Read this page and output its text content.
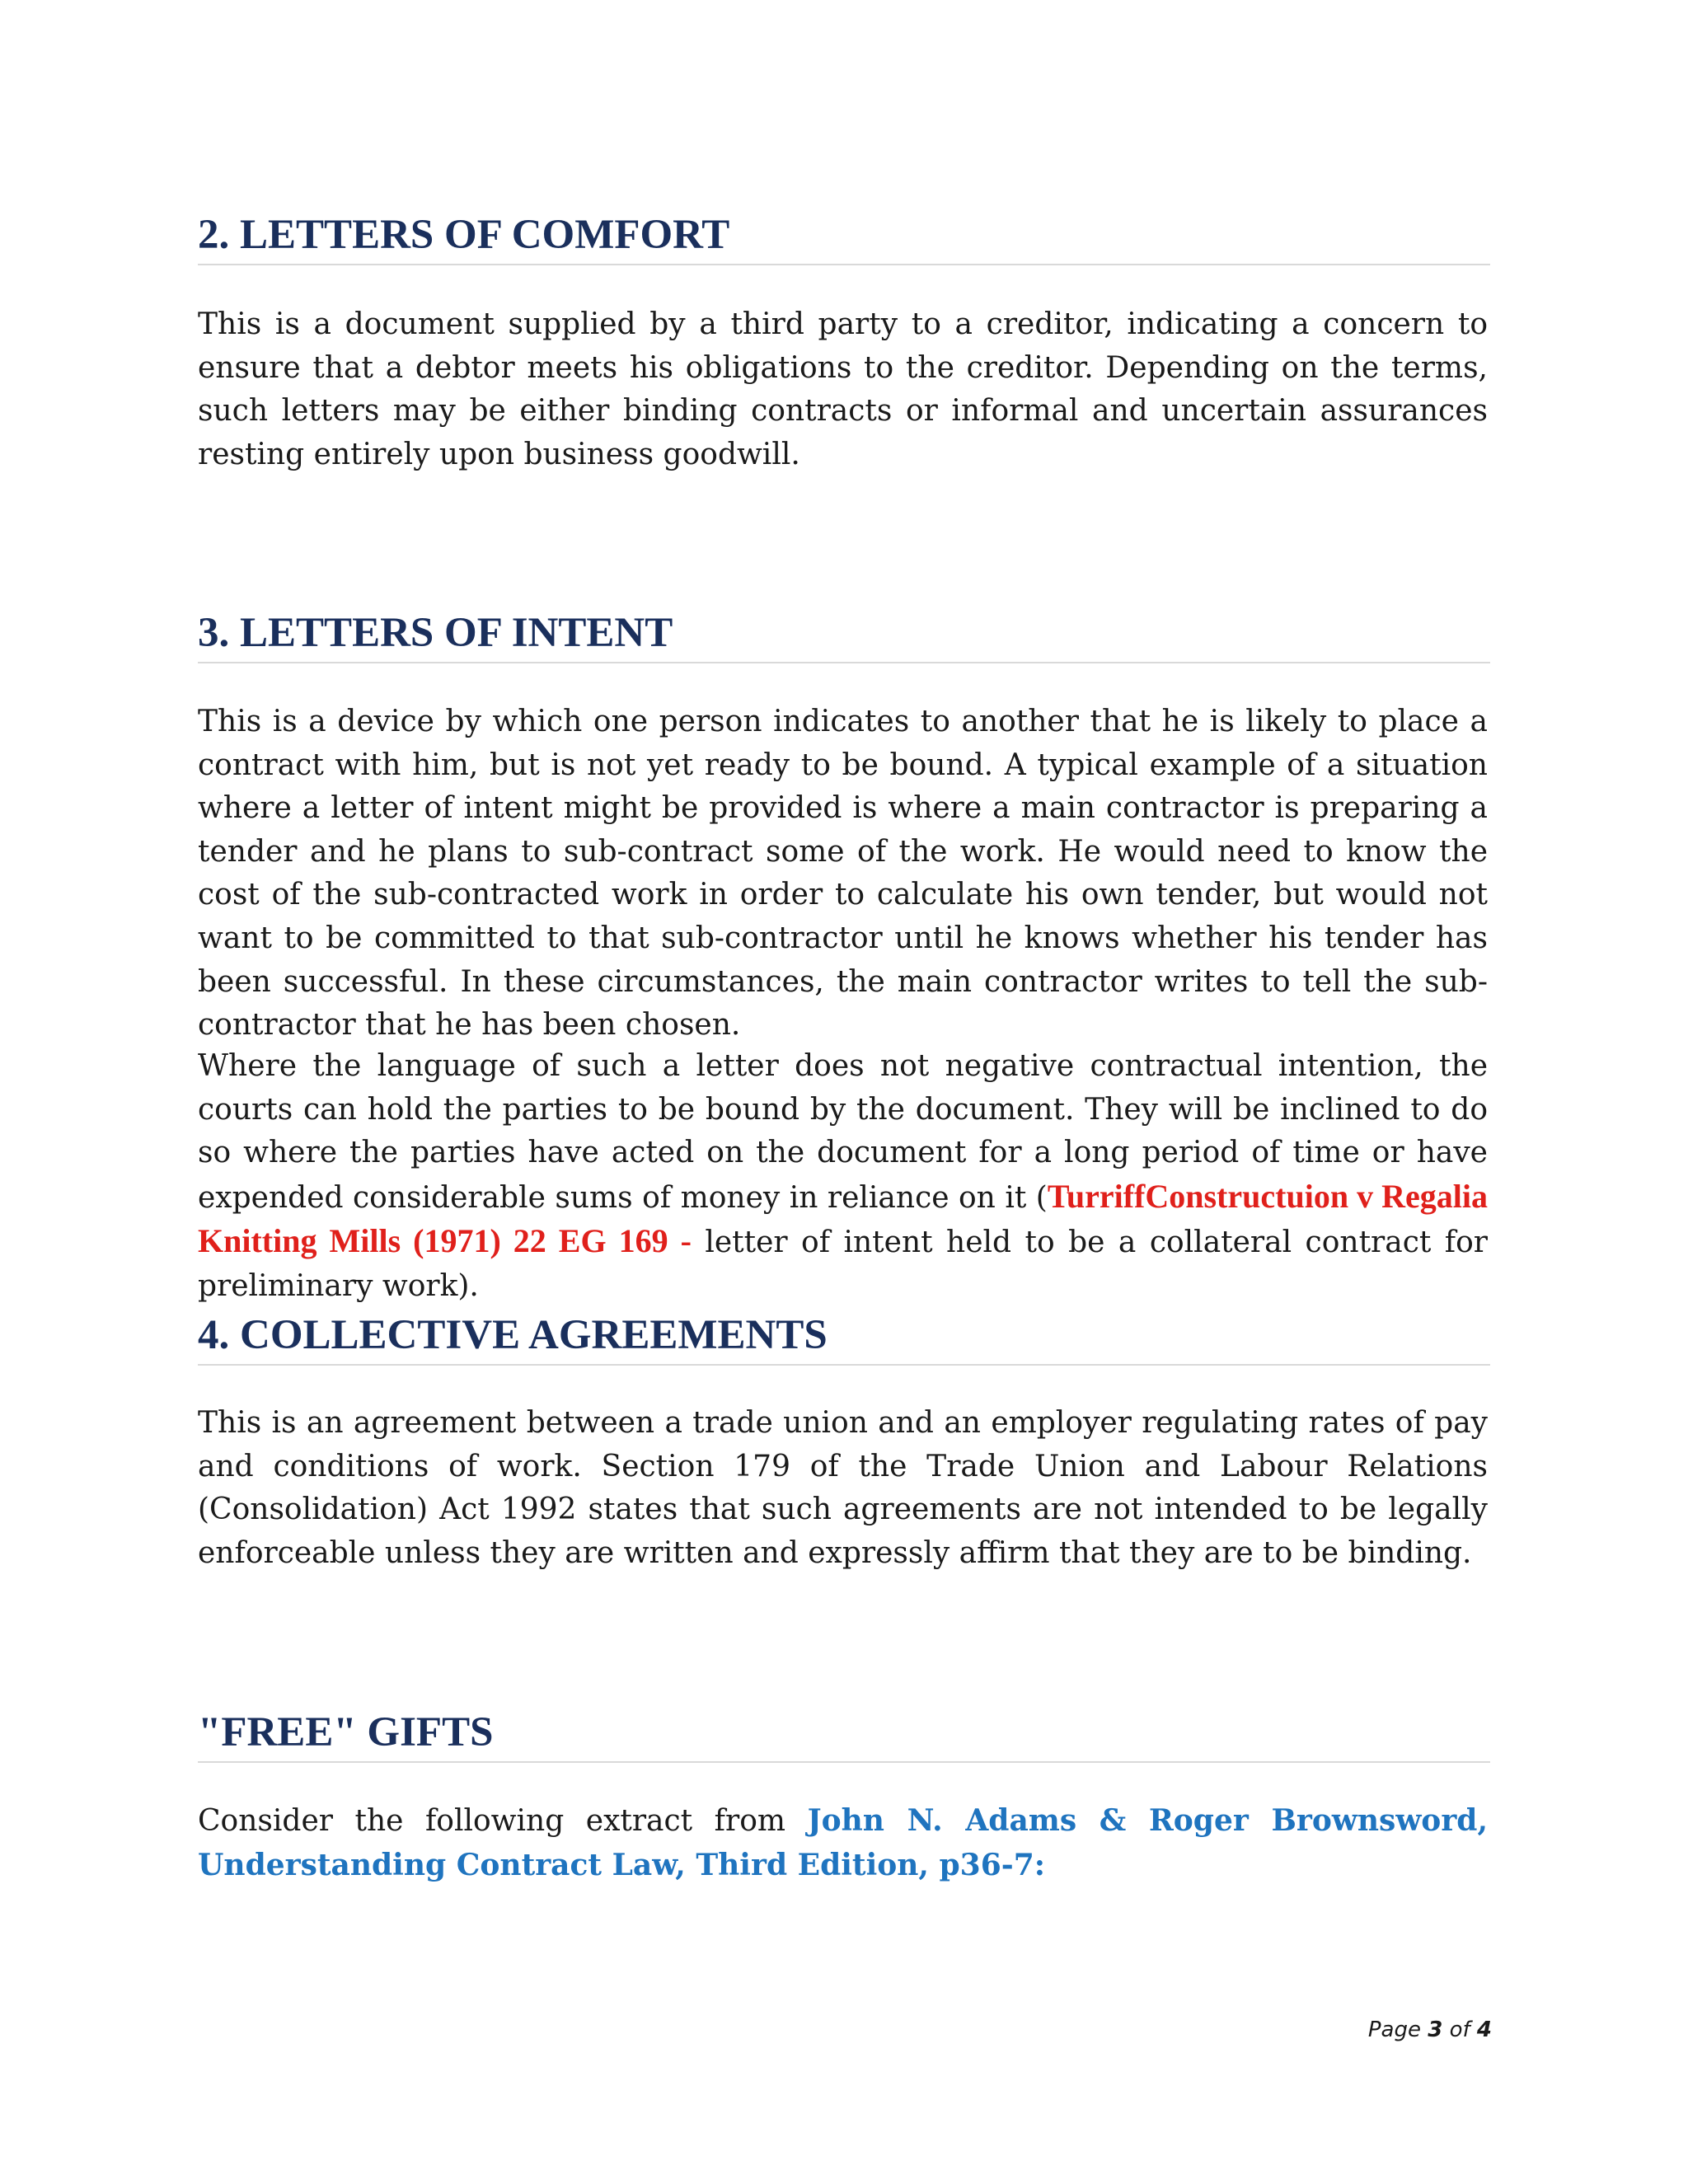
2. LETTERS OF COMFORT

This is a document supplied by a third party to a creditor, indicating a concern to ensure that a debtor meets his obligations to the creditor. Depending on the terms, such letters may be either binding contracts or informal and uncertain assurances resting entirely upon business goodwill.

3. LETTERS OF INTENT

This is a device by which one person indicates to another that he is likely to place a contract with him, but is not yet ready to be bound. A typical example of a situation where a letter of intent might be provided is where a main contractor is preparing a tender and he plans to sub-contract some of the work. He would need to know the cost of the sub-contracted work in order to calculate his own tender, but would not want to be committed to that sub-contractor until he knows whether his tender has been successful. In these circumstances, the main contractor writes to tell the sub-contractor that he has been chosen.

Where the language of such a letter does not negative contractual intention, the courts can hold the parties to be bound by the document. They will be inclined to do so where the parties have acted on the document for a long period of time or have expended considerable sums of money in reliance on it (TurriffConstructuion v Regalia Knitting Mills (1971) 22 EG 169 - letter of intent held to be a collateral contract for preliminary work).

4. COLLECTIVE AGREEMENTS

This is an agreement between a trade union and an employer regulating rates of pay and conditions of work. Section 179 of the Trade Union and Labour Relations (Consolidation) Act 1992 states that such agreements are not intended to be legally enforceable unless they are written and expressly affirm that they are to be binding.

"FREE" GIFTS

Consider the following extract from John N. Adams & Roger Brownsword, Understanding Contract Law, Third Edition, p36-7:

Page 3 of 4
